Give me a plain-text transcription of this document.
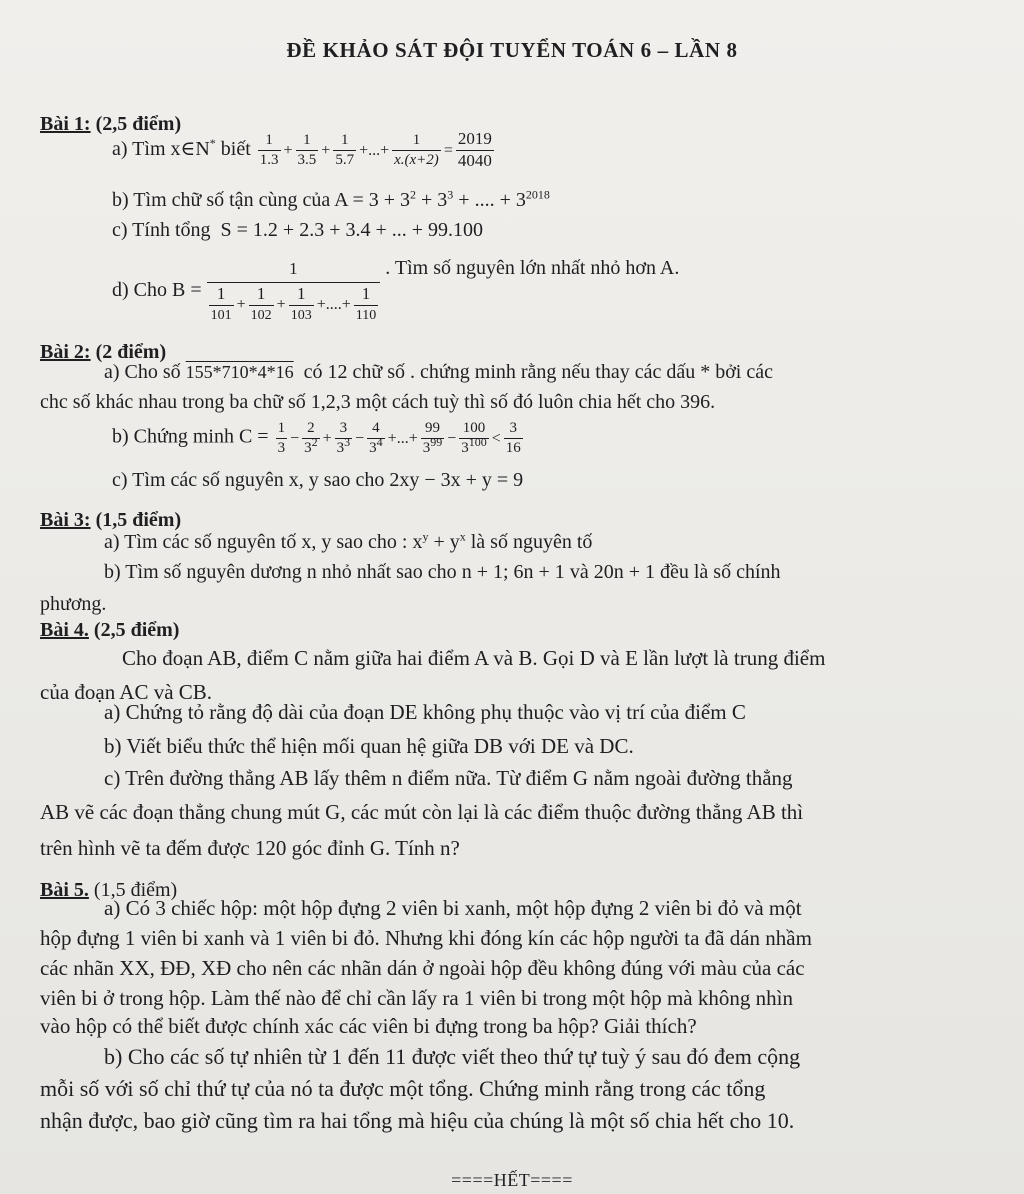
ĐỀ KHẢO SÁT ĐỘI TUYỂN TOÁN 6 – LẦN 8
Bài 1: (2,5 điểm)
a) Tìm x∈N* biết $\frac{1}{1.3} + \frac{1}{3.5} + \frac{1}{5.7}$ +...+ $\frac{1}{x.(x+2)} = \frac{2019}{4040}$
b) Tìm chữ số tận cùng của $A = 3 + 3^2 + 3^3$ + .... + $3^{2018}$
c) Tính tổng S = 1.2 + 2.3 + 3.4 + ... + 99.100
d) Cho $B = \frac{1}{\frac{1}{101} + \frac{1}{102} + \frac{1}{103} +....+ \frac{1}{110}}$ . Tìm số nguyên lớn nhất nhỏ hơn A.
Bài 2: (2 điểm)
a) Cho số 155*710*4*16 có 12 chữ số . chứng minh rằng nếu thay các dấu * bởi các
chc số khác nhau trong ba chữ số 1,2,3 một cách tuỳ thì số đó luôn chia hết cho 396.
b) Chứng minh $C = \frac{1}{3} - \frac{2}{3^2} + \frac{3}{3^3} - \frac{4}{3^4}$ +...+ $\frac{99}{3^{99}} - \frac{100}{3^{100}} < \frac{3}{16}$
c) Tìm các số nguyên x, y sao cho 2xy − 3x + y = 9
Bài 3: (1,5 điểm)
a) Tìm các số nguyên tố x, y sao cho : $x^y + y^x$ là số nguyên tố
b) Tìm số nguyên dương n nhỏ nhất sao cho n + 1; 6n + 1 và 20n + 1 đều là số chính
phương.
Bài 4. (2,5 điểm)
Cho đoạn AB, điểm C nằm giữa hai điểm A và B. Gọi D và E lần lượt là trung điểm
của đoạn AC và CB.
a) Chứng tỏ rằng độ dài của đoạn DE không phụ thuộc vào vị trí của điểm C
b) Viết biểu thức thể hiện mối quan hệ giữa DB với DE và DC.
c) Trên đường thẳng AB lấy thêm n điểm nữa. Từ điểm G nằm ngoài đường thẳng
AB vẽ các đoạn thẳng chung mút G, các mút còn lại là các điểm thuộc đường thẳng AB thì
trên hình vẽ ta đếm được 120 góc đỉnh G. Tính n?
Bài 5. (1,5 điểm)
a) Có 3 chiếc hộp: một hộp đựng 2 viên bi xanh, một hộp đựng 2 viên bi đỏ và một
hộp đựng 1 viên bi xanh và 1 viên bi đỏ. Nhưng khi đóng kín các hộp người ta đã dán nhầm
các nhãn XX, ĐĐ, XĐ cho nên các nhãn dán ở ngoài hộp đều không đúng với màu của các
viên bi ở trong hộp. Làm thế nào để chỉ cần lấy ra 1 viên bi trong một hộp mà không nhìn
vào hộp có thể biết được chính xác các viên bi đựng trong ba hộp? Giải thích?
b) Cho các số tự nhiên từ 1 đến 11 được viết theo thứ tự tuỳ ý sau đó đem cộng
mỗi số với số chỉ thứ tự của nó ta được một tổng. Chứng minh rằng trong các tổng
nhận được, bao giờ cũng tìm ra hai tổng mà hiệu của chúng là một số chia hết cho 10.
====HẾT====
